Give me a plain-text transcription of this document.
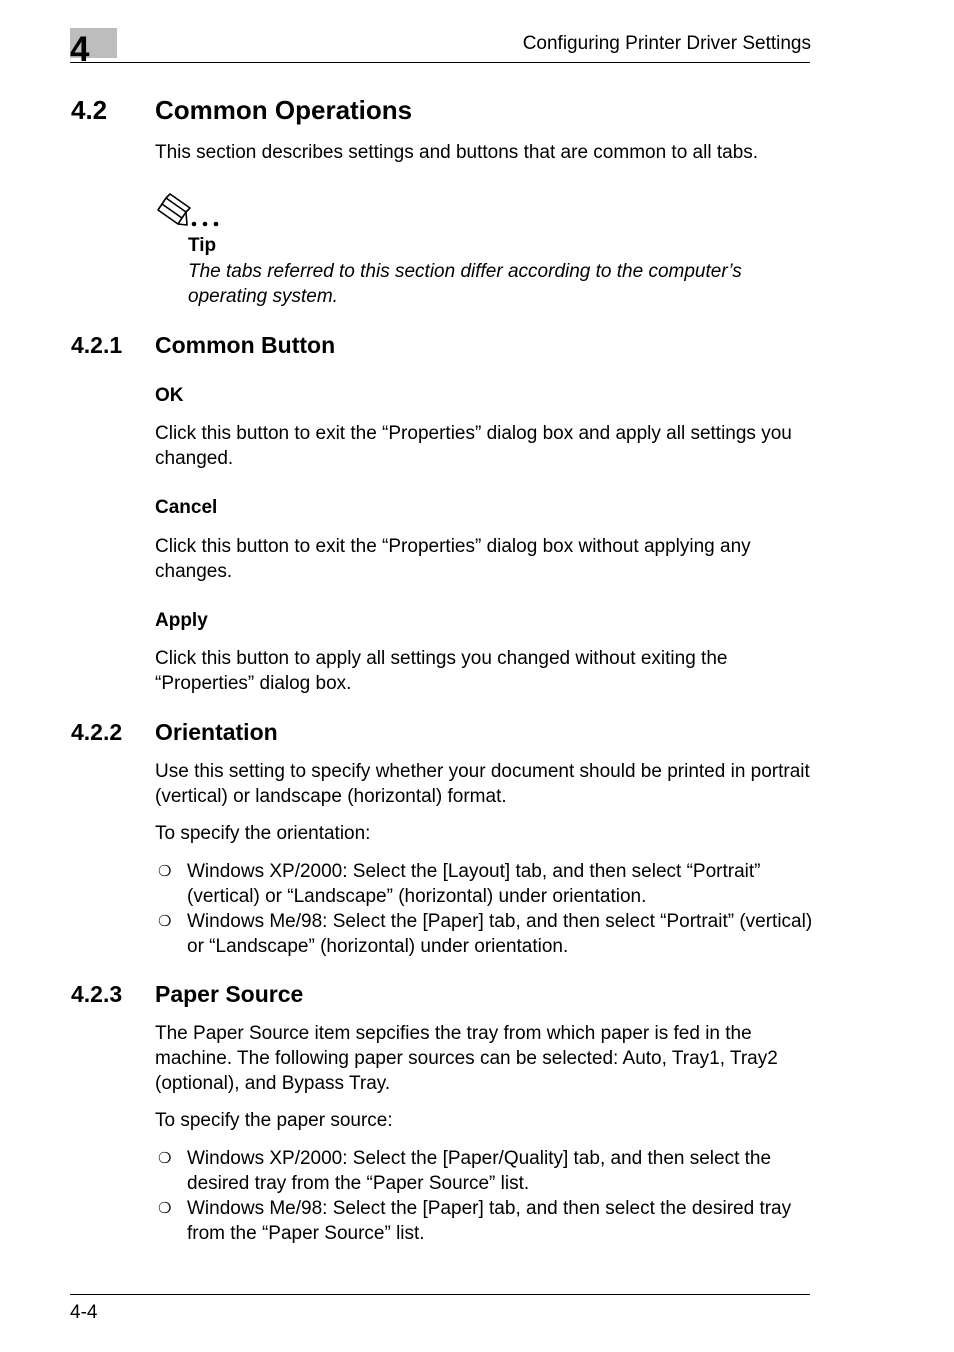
4	Configuring Printer Driver Settings
4.2 Common Operations
This section describes settings and buttons that are common to all tabs.
Tip
The tabs referred to this section differ according to the computer’s operating system.
4.2.1 Common Button
OK
Click this button to exit the “Properties” dialog box and apply all settings you changed.
Cancel
Click this button to exit the “Properties” dialog box without applying any changes.
Apply
Click this button to apply all settings you changed without exiting the “Properties” dialog box.
4.2.2 Orientation
Use this setting to specify whether your document should be printed in portrait (vertical) or landscape (horizontal) format.
To specify the orientation:
❍ Windows XP/2000: Select the [Layout] tab, and then select “Portrait” (vertical) or “Landscape” (horizontal) under orientation.
❍ Windows Me/98: Select the [Paper] tab, and then select “Portrait” (vertical) or “Landscape” (horizontal) under orientation.
4.2.3 Paper Source
The Paper Source item sepcifies the tray from which paper is fed in the machine. The following paper sources can be selected: Auto, Tray1, Tray2 (optional), and Bypass Tray.
To specify the paper source:
❍ Windows XP/2000: Select the [Paper/Quality] tab, and then select the desired tray from the “Paper Source” list.
❍ Windows Me/98: Select the [Paper] tab, and then select the desired tray from the “Paper Source” list.
4-4
